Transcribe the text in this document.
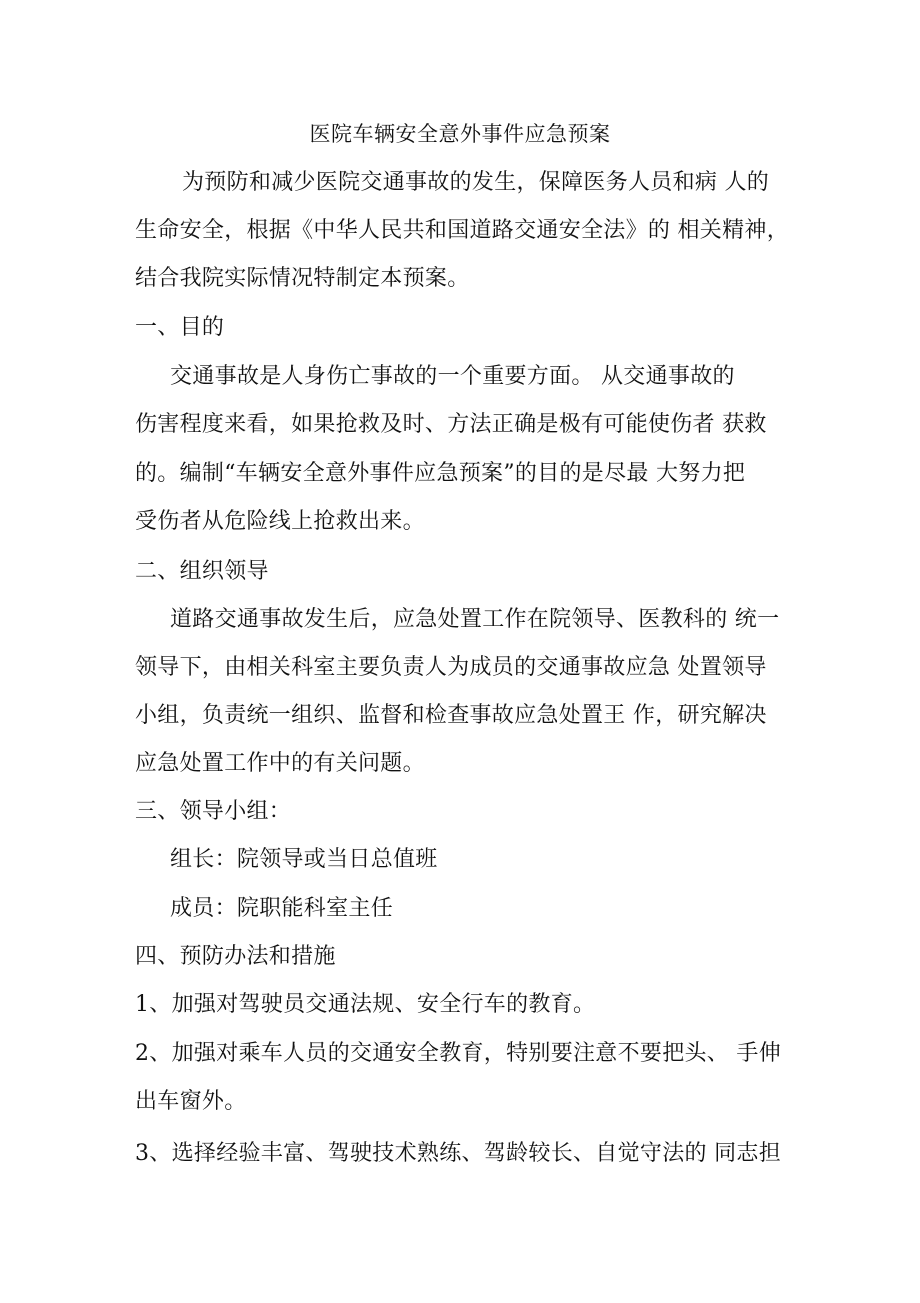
医院车辆安全意外事件应急预案
为预防和减少医院交通事故的发生，保障医务人员和病 人的
生命安全，根据《中华人民共和国道路交通安全法》的 相关精神，
结合我院实际情况特制定本预案。
一、目的
交通事故是人身伤亡事故的一个重要方面。 从交通事故的
伤害程度来看，如果抢救及时、方法正确是极有可能使伤者 获救
的。编制“车辆安全意外事件应急预案”的目的是尽最 大努力把
受伤者从危险线上抢救出来。
二、组织领导
道路交通事故发生后，应急处置工作在院领导、医教科的 统一
领导下，由相关科室主要负责人为成员的交通事故应急 处置领导
小组，负责统一组织、监督和检查事故应急处置王 作，研究解决
应急处置工作中的有关问题。
三、领导小组：
组长：院领导或当日总值班
成员：院职能科室主任
四、预防办法和措施
1、加强对驾驶员交通法规、安全行车的教育。
2、加强对乘车人员的交通安全教育，特别要注意不要把头、 手伸
出车窗外。
3、选择经验丰富、驾驶技术熟练、驾龄较长、自觉守法的 同志担
